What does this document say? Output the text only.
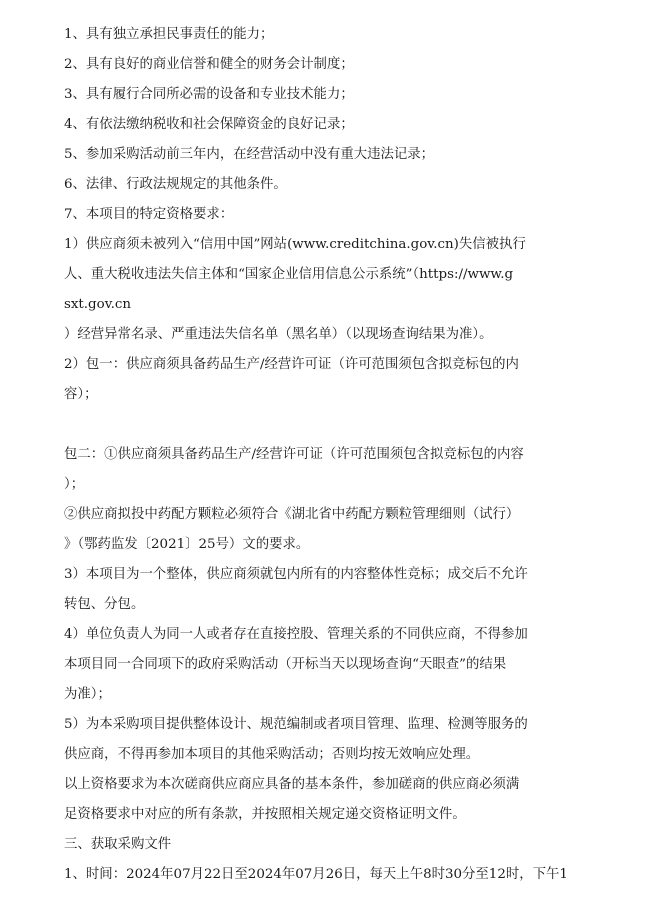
1、具有独立承担民事责任的能力；
2、具有良好的商业信誉和健全的财务会计制度；
3、具有履行合同所必需的设备和专业技术能力；
4、有依法缴纳税收和社会保障资金的良好记录；
5、参加采购活动前三年内，在经营活动中没有重大违法记录；
6、法律、行政法规规定的其他条件。
7、本项目的特定资格要求：
1）供应商须未被列入“信用中国”网站(www.creditchina.gov.cn)失信被执行
人、重大税收违法失信主体和“国家企业信用信息公示系统”（https://www.g
sxt.gov.cn
）经营异常名录、严重违法失信名单（黑名单）（以现场查询结果为准）。
2）包一：供应商须具备药品生产/经营许可证（许可范围须包含拟竞标包的内
容）；
包二：①供应商须具备药品生产/经营许可证（许可范围须包含拟竞标包的内容
）；
②供应商拟投中药配方颗粒必须符合《湖北省中药配方颗粒管理细则（试行）
》（鄂药监发〔2021〕25号）文的要求。
3）本项目为一个整体，供应商须就包内所有的内容整体性竞标；成交后不允许
转包、分包。
4）单位负责人为同一人或者存在直接控股、管理关系的不同供应商，不得参加
本项目同一合同项下的政府采购活动（开标当天以现场查询“天眼查”的结果
为准）；
5）为本采购项目提供整体设计、规范编制或者项目管理、监理、检测等服务的
供应商，不得再参加本项目的其他采购活动；否则均按无效响应处理。
以上资格要求为本次磋商供应商应具备的基本条件，参加磋商的供应商必须满
足资格要求中对应的所有条款，并按照相关规定递交资格证明文件。
三、获取采购文件
1、时间：2024年07月22日至2024年07月26日，每天上午8时30分至12时，下午1
